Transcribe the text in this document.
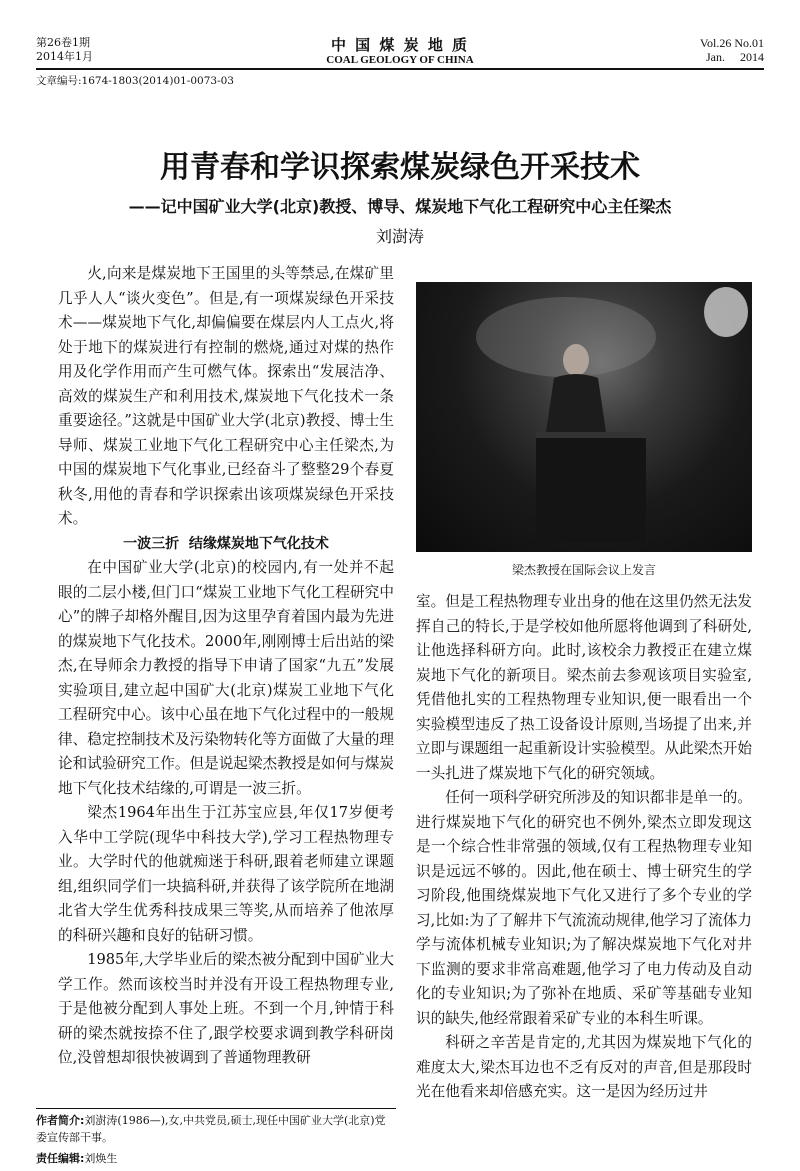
第26卷1期
2014年1月
中 国 煤 炭 地 质
COAL GEOLOGY OF CHINA
Vol.26 No.01
Jan.     2014
文章编号:1674-1803(2014)01-0073-03
用青春和学识探索煤炭绿色开采技术
——记中国矿业大学(北京)教授、博导、煤炭地下气化工程研究中心主任梁杰
刘澍涛

火,向来是煤炭地下王国里的头等禁忌,在煤矿里几乎人人“谈火变色”。但是,有一项煤炭绿色开采技术——煤炭地下气化,却偏偏要在煤层内人工点火,将处于地下的煤炭进行有控制的燃烧,通过对煤的热作用及化学作用而产生可燃气体。探索出“发展洁净、高效的煤炭生产和利用技术,煤炭地下气化技术一条重要途径。”这就是中国矿业大学(北京)教授、博士生导师、煤炭工业地下气化工程研究中心主任梁杰,为中国的煤炭地下气化事业,已经奋斗了整整29个春夏秋冬,用他的青春和学识探索出该项煤炭绿色开采技术。

一波三折  结缘煤炭地下气化技术

在中国矿业大学(北京)的校园内,有一处并不起眼的二层小楼,但门口“煤炭工业地下气化工程研究中心”的牌子却格外醒目,因为这里孕育着国内最为先进的煤炭地下气化技术。2000年,刚刚博士后出站的梁杰,在导师余力教授的指导下申请了国家“九五”发展实验项目,建立起中国矿大(北京)煤炭工业地下气化工程研究中心。该中心虽在地下气化过程中的一般规律、稳定控制技术及污染物转化等方面做了大量的理论和试验研究工作。但是说起梁杰教授是如何与煤炭地下气化技术结缘的,可谓是一波三折。

梁杰1964年出生于江苏宝应县,年仅17岁便考入华中工学院(现华中科技大学),学习工程热物理专业。大学时代的他就痴迷于科研,跟着老师建立课题组,组织同学们一块搞科研,并获得了该学院所在地湖北省大学生优秀科技成果三等奖,从而培养了他浓厚的科研兴趣和良好的钻研习惯。

1985年,大学毕业后的梁杰被分配到中国矿业大学工作。然而该校当时并没有开设工程热物理专业,于是他被分配到人事处上班。不到一个月,钟情于科研的梁杰就按捺不住了,跟学校要求调到教学科研岗位,没曾想却很快被调到了普通物理教研

梁杰教授在国际会议上发言

室。但是工程热物理专业出身的他在这里仍然无法发挥自己的特长,于是学校如他所愿将他调到了科研处,让他选择科研方向。此时,该校余力教授正在建立煤炭地下气化的新项目。梁杰前去参观该项目实验室,凭借他扎实的工程热物理专业知识,便一眼看出一个实验模型违反了热工设备设计原则,当场提了出来,并立即与课题组一起重新设计实验模型。从此梁杰开始一头扎进了煤炭地下气化的研究领域。

任何一项科学研究所涉及的知识都非是单一的。进行煤炭地下气化的研究也不例外,梁杰立即发现这是一个综合性非常强的领域,仅有工程热物理专业知识是远远不够的。因此,他在硕士、博士研究生的学习阶段,他围绕煤炭地下气化又进行了多个专业的学习,比如:为了了解井下气流流动规律,他学习了流体力学与流体机械专业知识;为了解决煤炭地下气化对井下监测的要求非常高难题,他学习了电力传动及自动化的专业知识;为了弥补在地质、采矿等基础专业知识的缺失,他经常跟着采矿专业的本科生听课。

科研之辛苦是肯定的,尤其因为煤炭地下气化的难度太大,梁杰耳边也不乏有反对的声音,但是那段时光在他看来却倍感充实。这一是因为经历过井

作者简介:刘澍涛(1986—),女,中共党员,硕士,现任中国矿业大学(北京)党委宣传部干事。
责任编辑:刘焕生
